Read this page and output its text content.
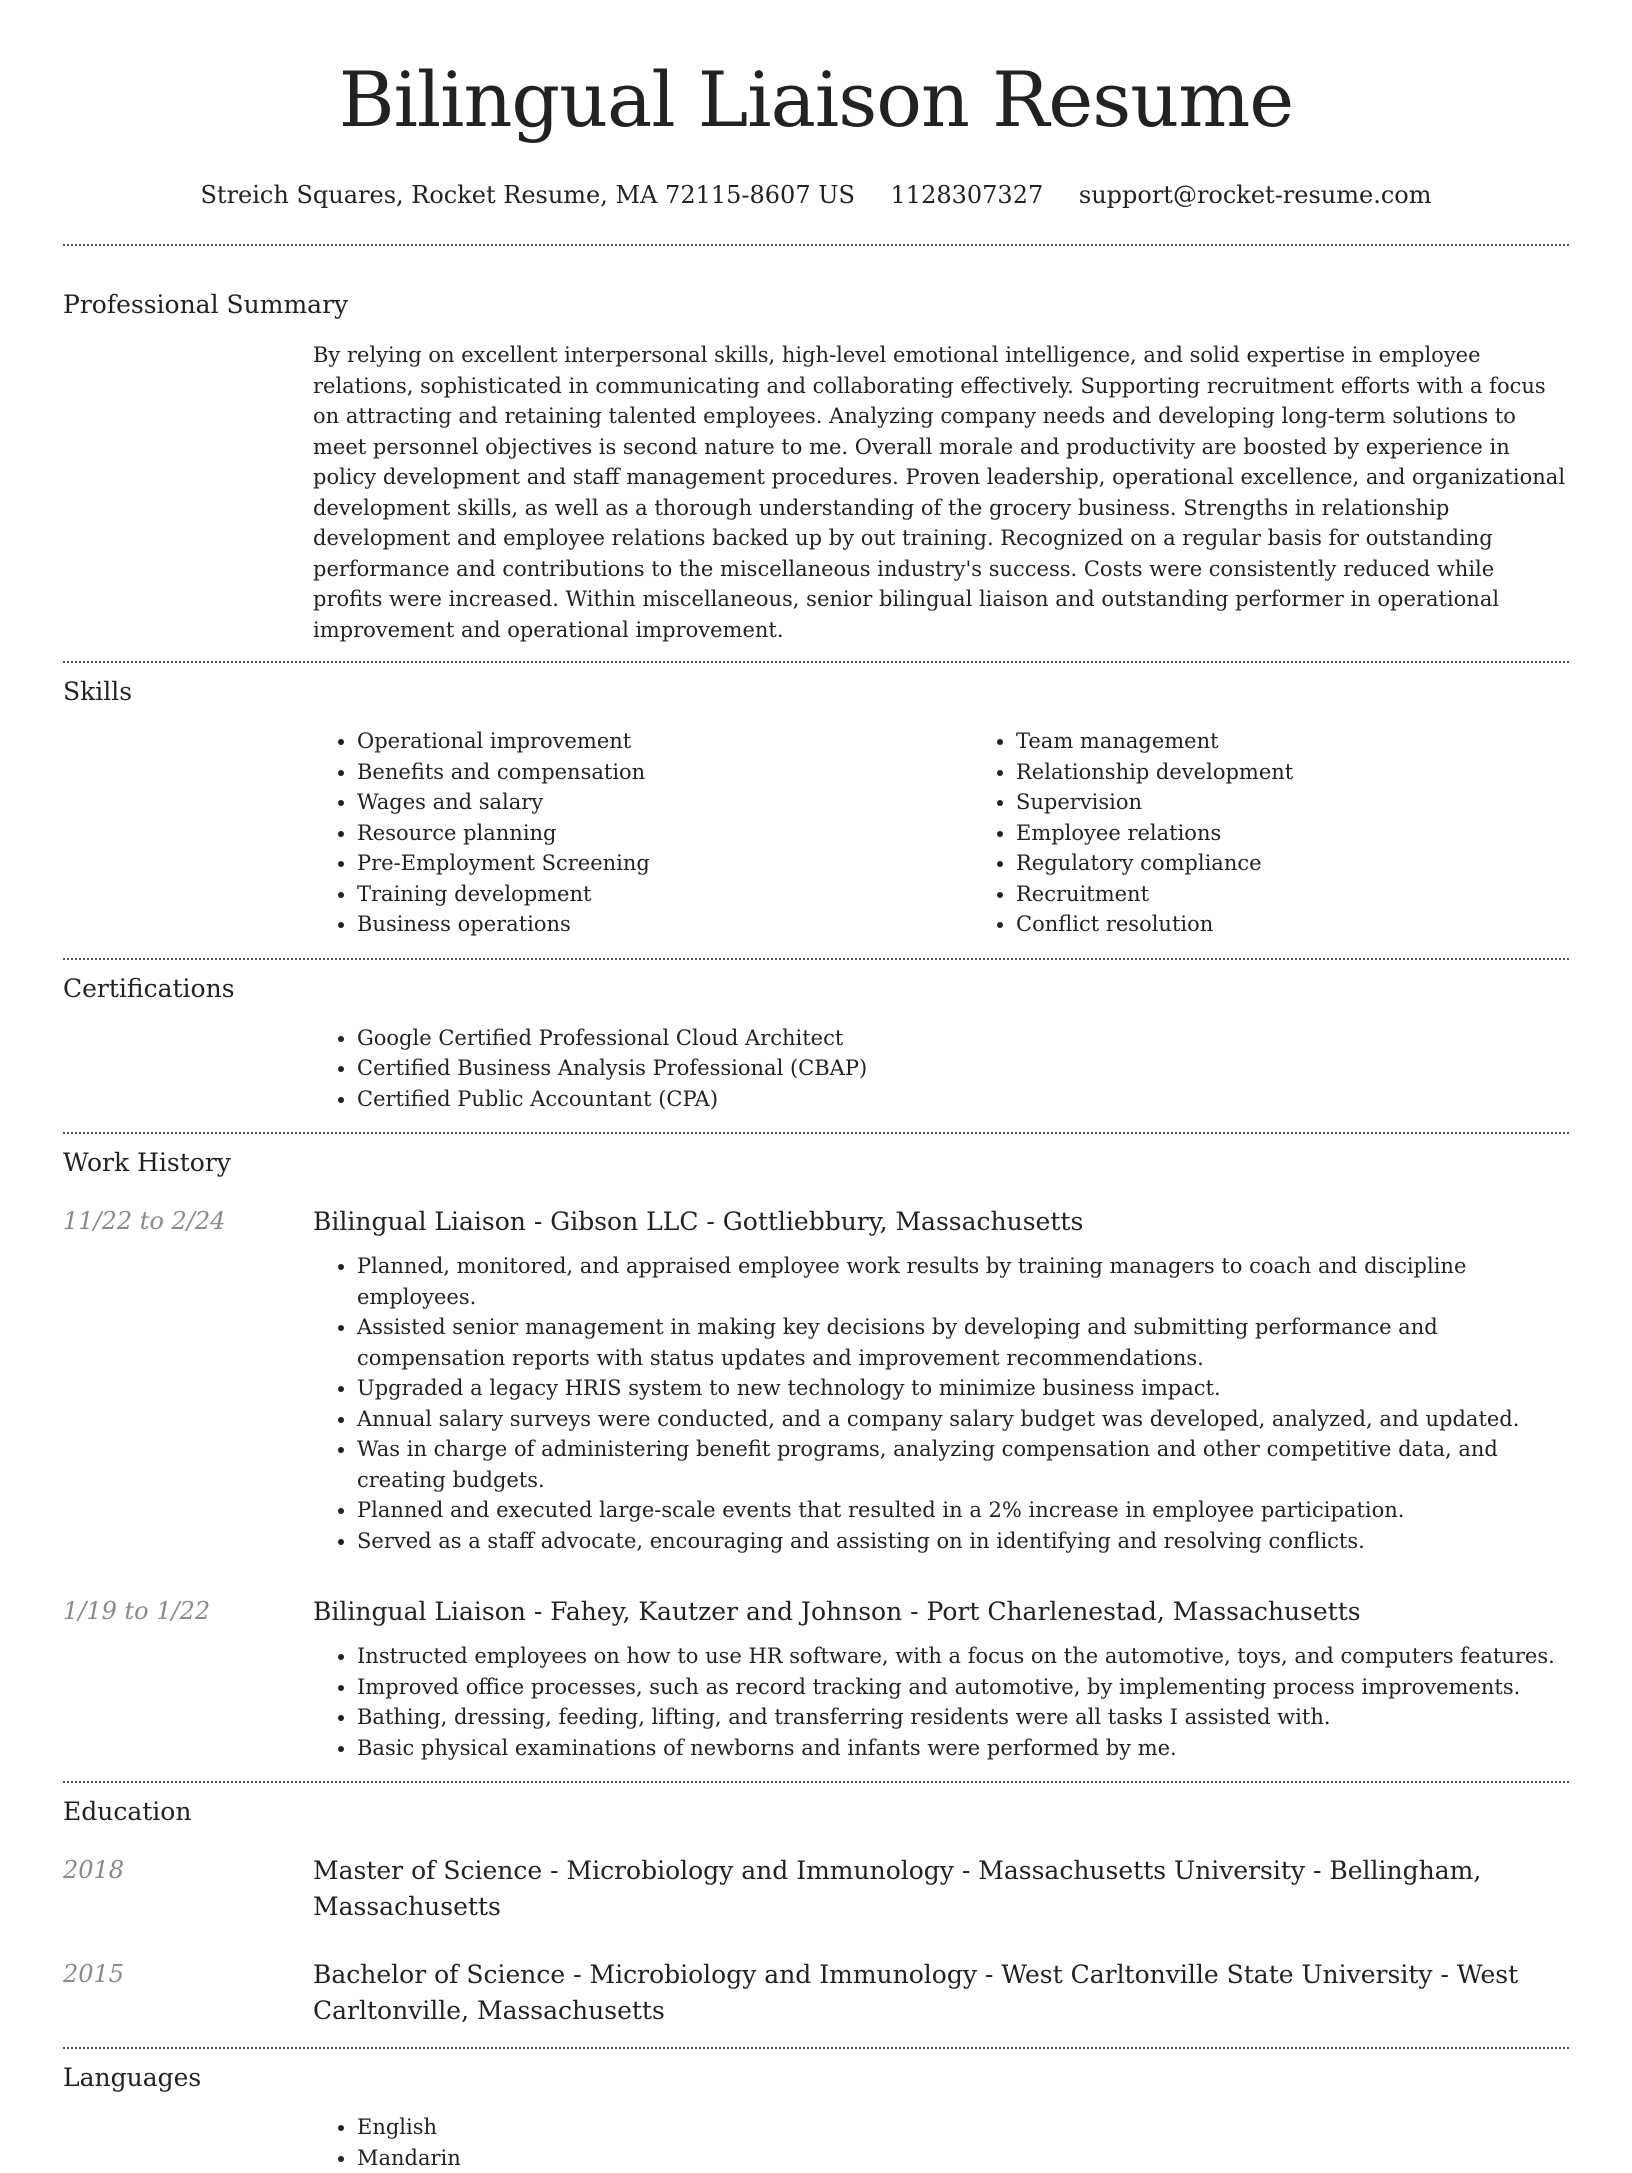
Bilingual Liaison Resume
Streich Squares, Rocket Resume, MA 72115-8607 US 1128307327 support@rocket-resume.com
Professional Summary
By relying on excellent interpersonal skills, high-level emotional intelligence, and solid expertise in employee relations, sophisticated in communicating and collaborating effectively. Supporting recruitment efforts with a focus on attracting and retaining talented employees. Analyzing company needs and developing long-term solutions to meet personnel objectives is second nature to me. Overall morale and productivity are boosted by experience in policy development and staff management procedures. Proven leadership, operational excellence, and organizational development skills, as well as a thorough understanding of the grocery business. Strengths in relationship development and employee relations backed up by out training. Recognized on a regular basis for outstanding performance and contributions to the miscellaneous industry's success. Costs were consistently reduced while profits were increased. Within miscellaneous, senior bilingual liaison and outstanding performer in operational improvement and operational improvement.
Skills
• Operational improvement
• Benefits and compensation
• Wages and salary
• Resource planning
• Pre-Employment Screening
• Training development
• Business operations
• Team management
• Relationship development
• Supervision
• Employee relations
• Regulatory compliance
• Recruitment
• Conflict resolution
Certifications
• Google Certified Professional Cloud Architect
• Certified Business Analysis Professional (CBAP)
• Certified Public Accountant (CPA)
Work History
11/22 to 2/24	Bilingual Liaison - Gibson LLC - Gottliebbury, Massachusetts
• Planned, monitored, and appraised employee work results by training managers to coach and discipline employees.
• Assisted senior management in making key decisions by developing and submitting performance and compensation reports with status updates and improvement recommendations.
• Upgraded a legacy HRIS system to new technology to minimize business impact.
• Annual salary surveys were conducted, and a company salary budget was developed, analyzed, and updated.
• Was in charge of administering benefit programs, analyzing compensation and other competitive data, and creating budgets.
• Planned and executed large-scale events that resulted in a 2% increase in employee participation.
• Served as a staff advocate, encouraging and assisting on in identifying and resolving conflicts.
1/19 to 1/22	Bilingual Liaison - Fahey, Kautzer and Johnson - Port Charlenestad, Massachusetts
• Instructed employees on how to use HR software, with a focus on the automotive, toys, and computers features.
• Improved office processes, such as record tracking and automotive, by implementing process improvements.
• Bathing, dressing, feeding, lifting, and transferring residents were all tasks I assisted with.
• Basic physical examinations of newborns and infants were performed by me.
Education
2018	Master of Science - Microbiology and Immunology - Massachusetts University - Bellingham, Massachusetts
2015	Bachelor of Science - Microbiology and Immunology - West Carltonville State University - West Carltonville, Massachusetts
Languages
• English
• Mandarin
